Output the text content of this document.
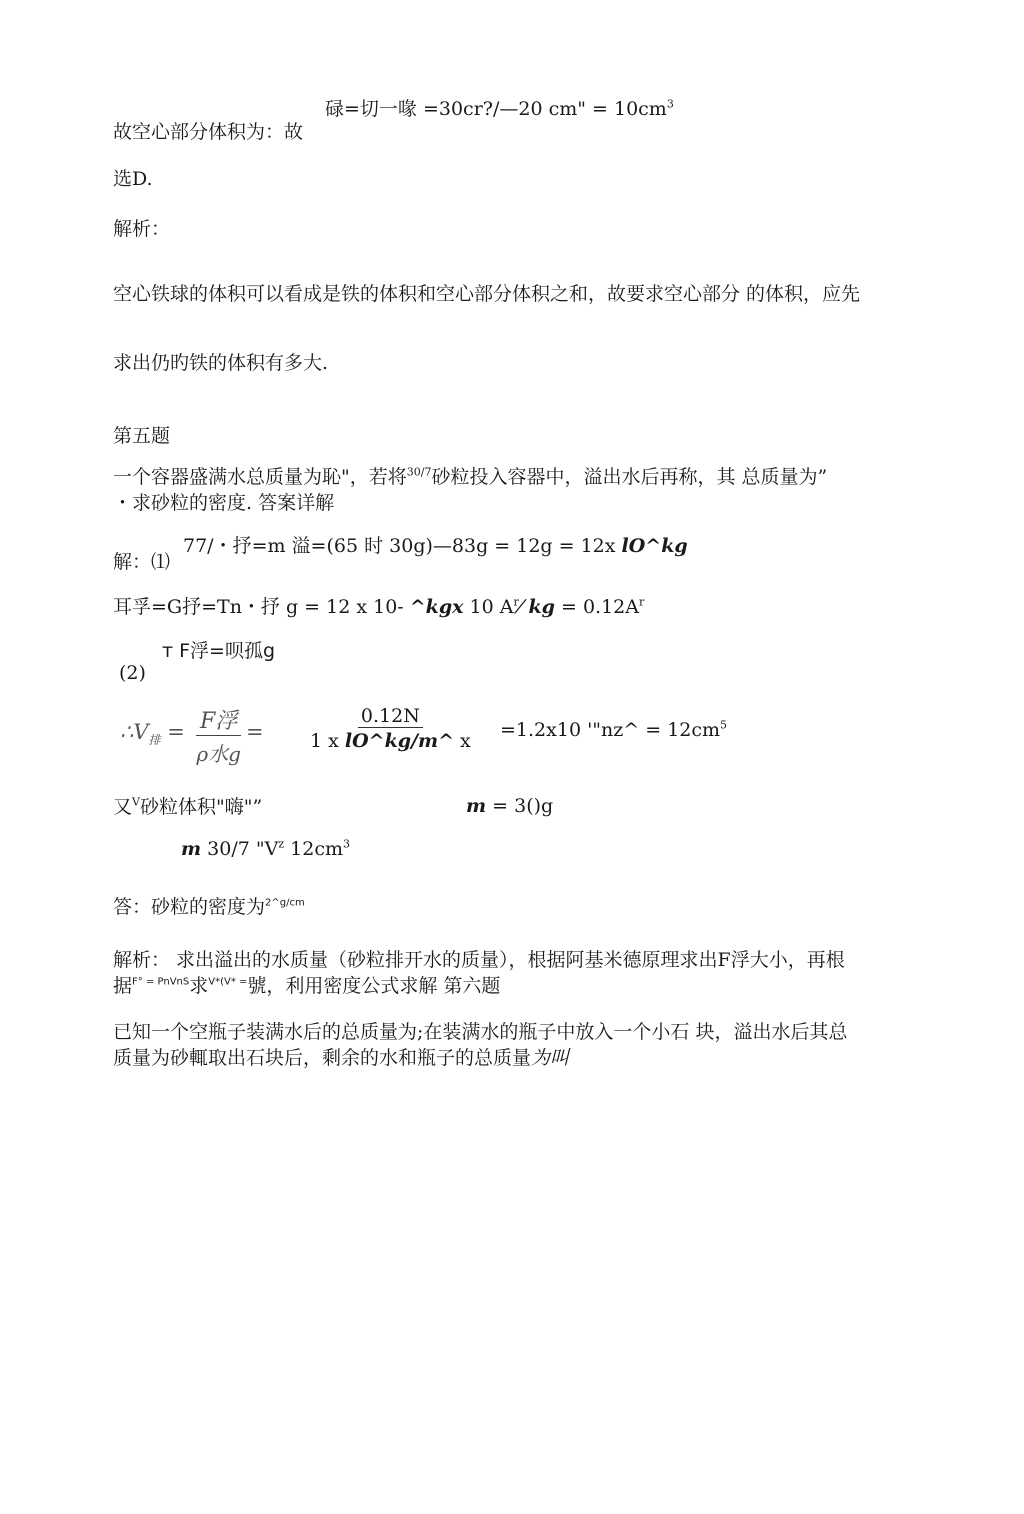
碌=切一喙 =30cr?/—20 cm" = $10cm^3$
故空心部分体积为：故
选D.
解析：
空心铁球的体积可以看成是铁的体积和空心部分体积之和，故要求空心部分 的体积，应先
求出仍旳铁的体积有多大.
第五题
一个容器盛满水总质量为恥"，若将$^{30/7}$砂粒投入容器中，溢出水后再称，其 总质量为”
・求砂粒的密度. 答案详解
77/・抒=m 溢=(65 时 30g)—83g = 12g = 12x lO^kg
解：⑴
耳孚=G抒=Tn・抒 g = 12 x 10- ^kgx 10 $A^r⁄$ kg = $0.12A^r$
т F浮=呗孤g
(2)
$\therefore V_排 = F$浮
ρ水g
= $\frac{0.12N}{\text{1 x lO\textasciicircum{}kg/m\textasciicircum{} x}} =1.2x10$ '"nz^ = $12cm^5$
又$^V$砂粒体积"嗨"”	m = 3()g
m 30/7 "$V^z$ $12cm^3$
答：砂粒的密度为$^{2\^{}g/cm}$
解析： 求出溢出的水质量（砂粒排开水的质量），根据阿基米德原理求出F浮大小，再根
据$^{F^\circ = PnVnS}$求$^{V*(V* =}$號，利用密度公式求解 第六题
已知一个空瓶子装满水后的总质量为;在装满水的瓶子中放入一个小石 块，溢出水后其总
质量为砂輒取出石块后，剩余的水和瓶子的总质量为叫
